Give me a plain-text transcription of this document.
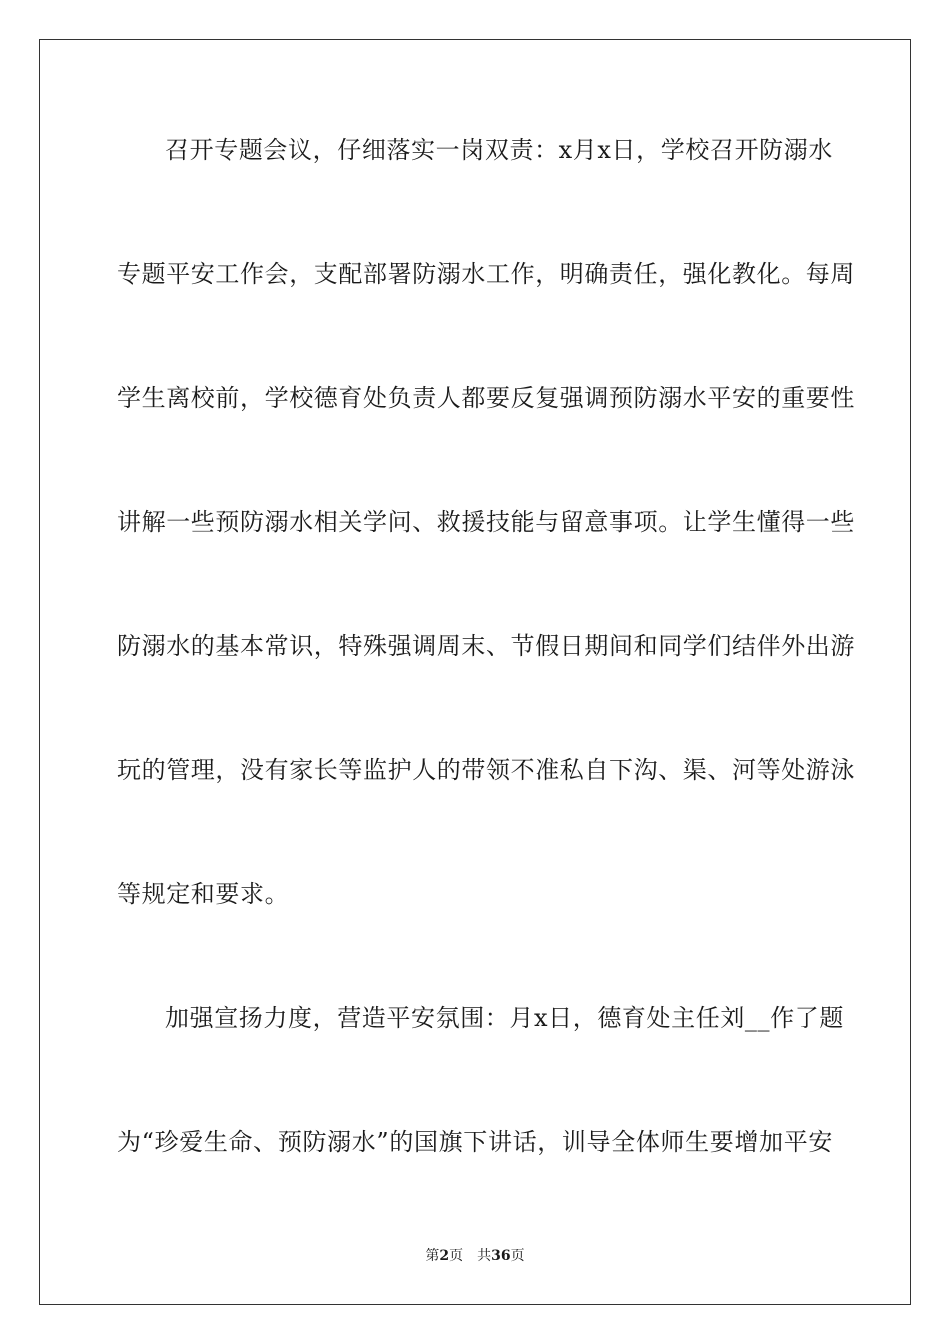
召开专题会议，仔细落实一岗双责：x月x日，学校召开防溺水
专题平安工作会，支配部署防溺水工作，明确责任，强化教化。每周
学生离校前，学校德育处负责人都要反复强调预防溺水平安的重要性
讲解一些预防溺水相关学问、救援技能与留意事项。让学生懂得一些
防溺水的基本常识，特殊强调周末、节假日期间和同学们结伴外出游
玩的管理，没有家长等监护人的带领不准私自下沟、渠、河等处游泳
等规定和要求。
加强宣扬力度，营造平安氛围：月x日，德育处主任刘__作了题
为“珍爱生命、预防溺水”的国旗下讲话，训导全体师生要增加平安
第2页 共36页
